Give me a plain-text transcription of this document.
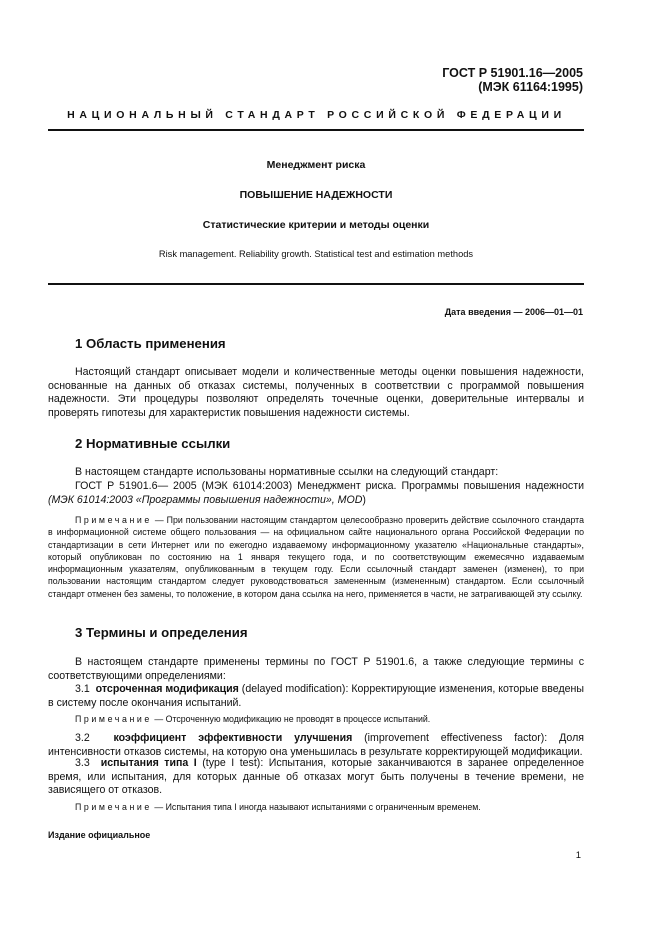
ГОСТ Р 51901.16—2005
(МЭК 61164:1995)
НАЦИОНАЛЬНЫЙ СТАНДАРТ РОССИЙСКОЙ ФЕДЕРАЦИИ
Менеджмент риска
ПОВЫШЕНИЕ НАДЕЖНОСТИ
Статистические критерии и методы оценки
Risk management. Reliability growth. Statistical test and estimation methods
Дата введения — 2006—01—01
1 Область применения

Настоящий стандарт описывает модели и количественные методы оценки повышения надежности, основанные на данных об отказах системы, полученных в соответствии с программой повышения надежности. Эти процедуры позволяют определять точечные оценки, доверительные интервалы и проверять гипотезы для характеристик повышения надежности системы.

2 Нормативные ссылки

В настоящем стандарте использованы нормативные ссылки на следующий стандарт:

ГОСТ Р 51901.6— 2005 (МЭК 61014:2003) Менеджмент риска. Программы повышения надежности (МЭК 61014:2003 «Программы повышения надежности», MOD)

Примечание — При пользовании настоящим стандартом целесообразно проверить действие ссылочного стандарта в информационной системе общего пользования — на официальном сайте национального органа Российской Федерации по стандартизации в сети Интернет или по ежегодно издаваемому информационному указателю «Национальные стандарты», который опубликован по состоянию на 1 января текущего года, и по соответствующим ежемесячно издаваемым информационным указателям, опубликованным в текущем году. Если ссылочный стандарт заменен (изменен), то при пользовании настоящим стандартом следует руководствоваться замененным (измененным) стандартом. Если ссылочный стандарт отменен без замены, то положение, в котором дана ссылка на него, применяется в части, не затрагивающей эту ссылку.

3 Термины и определения

В настоящем стандарте применены термины по ГОСТ Р 51901.6, а также следующие термины с соответствующими определениями:

3.1 отсроченная модификация (delayed modification): Корректирующие изменения, которые введены в систему после окончания испытаний.

Примечание — Отсроченную модификацию не проводят в процессе испытаний.

3.2 коэффициент эффективности улучшения (improvement effectiveness factor): Доля интенсивности отказов системы, на которую она уменьшилась в результате корректирующей модификации.

3.3 испытания типа I (type I test): Испытания, которые заканчиваются в заранее определенное время, или испытания, для которых данные об отказах могут быть получены в течение времени, не зависящего от отказов.

Примечание — Испытания типа I иногда называют испытаниями с ограниченным временем.

Издание официальное
1
